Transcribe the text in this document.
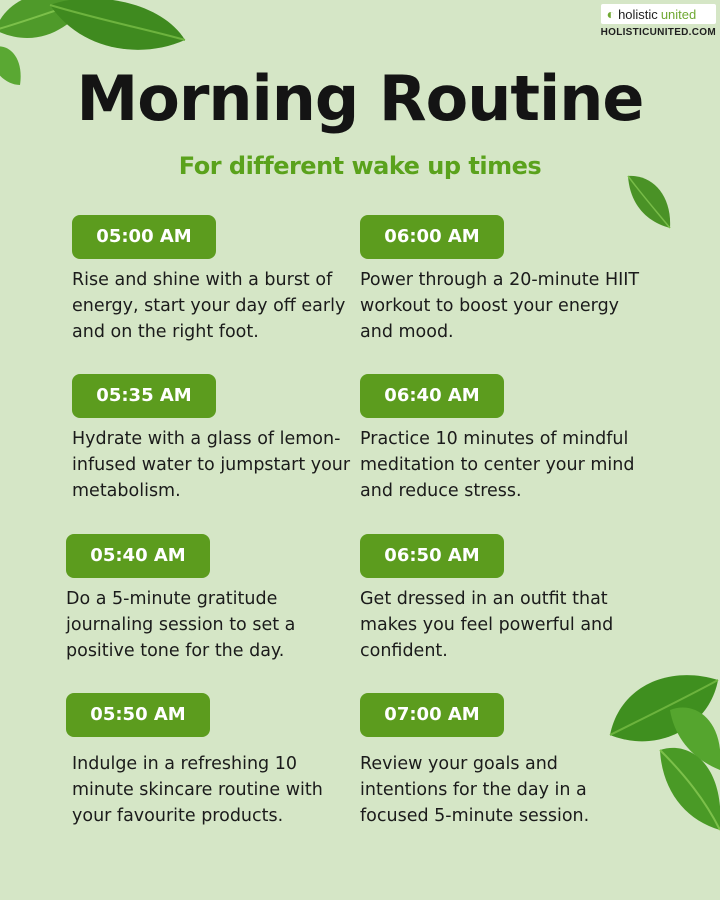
◐ holistic united
HOLISTICUNITED.COM
Morning Routine
For different wake up times
05:00 AM

Rise and shine with a burst of energy, start your day off early and on the right foot.

05:35 AM

Hydrate with a glass of lemon-infused water to jumpstart your metabolism.

05:40 AM

Do a 5-minute gratitude journaling session to set a positive tone for the day.

05:50 AM

Indulge in a refreshing 10 minute skincare routine with your favourite products.

06:00 AM

Power through a 20-minute HIIT workout to boost your energy and mood.

06:40 AM

Practice 10 minutes of mindful meditation to center your mind and reduce stress.

06:50 AM

Get dressed in an outfit that makes you feel powerful and confident.

07:00 AM

Review your goals and intentions for the day in a focused 5-minute session.
